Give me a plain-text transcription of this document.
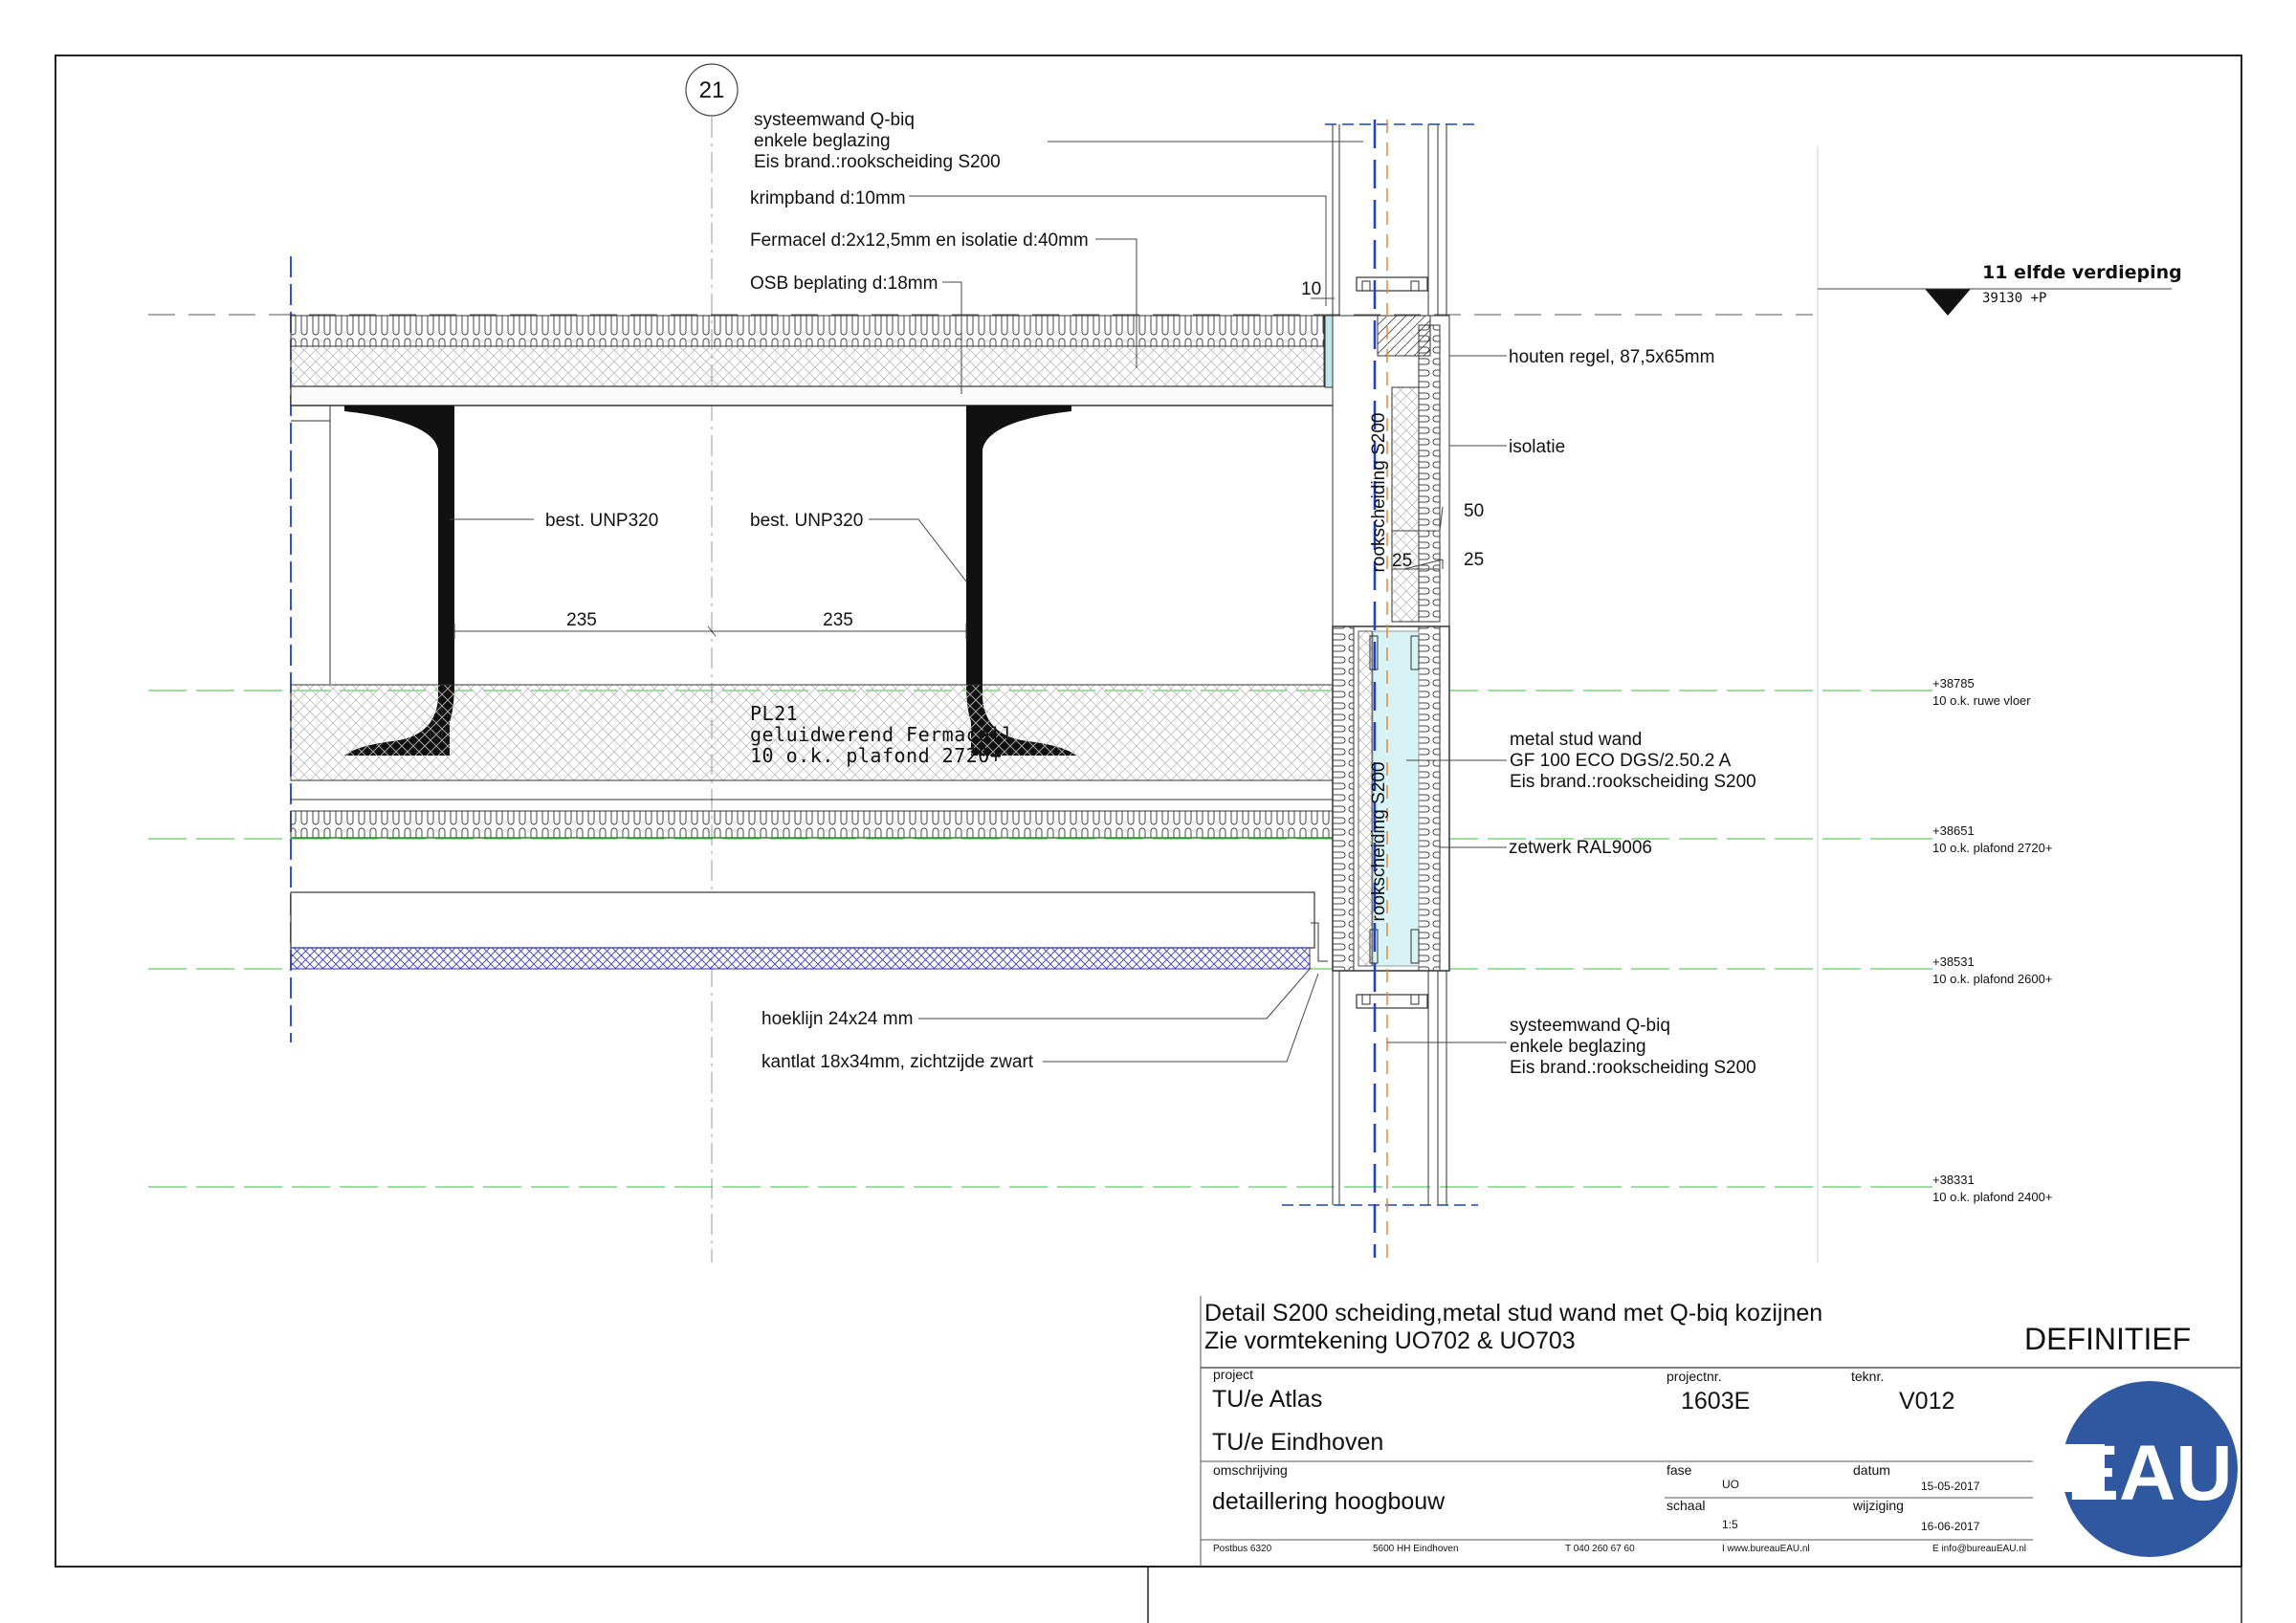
21
11 elfde verdieping
39130 +P
235	235
rookscheiding S200
rookscheiding S200
systeemwand Q-biq
enkele beglazing
Eis brand.:rookscheiding S200
krimpband d:10mm
Fermacel d:2x12,5mm en isolatie d:40mm
OSB beplating d:18mm	10
houten regel, 87,5x65mm
isolatie
50
25	25
best. UNP320	best. UNP320
PL21
geluidwerend Fermacell
10 o.k. plafond 2720+
metal stud wand
GF 100 ECO DGS/2.50.2 A
Eis brand.:rookscheiding S200
zetwerk RAL9006
systeemwand Q-biq
enkele beglazing
Eis brand.:rookscheiding S200
hoeklijn 24x24 mm
kantlat 18x34mm, zichtzijde zwart
+38785
10 o.k. ruwe vloer
+38651
10 o.k. plafond 2720+
+38531
10 o.k. plafond 2600+
+38331
10 o.k. plafond 2400+
EAU
Detail S200 scheiding,metal stud wand met Q-biq kozijnen
Zie vormtekening UO702 & UO703	DEFINITIEF
project
TU/e Atlas
TU/e Eindhoven
projectnr.
1603E
teknr.
V012
omschrijving
detaillering hoogbouw
fase
UO
datum
15-05-2017
schaal
1:5
wijziging
16-06-2017
Postbus 6320	5600 HH Eindhoven	T 040 260 67 60	I www.bureauEAU.nl	E info@bureauEAU.nl
